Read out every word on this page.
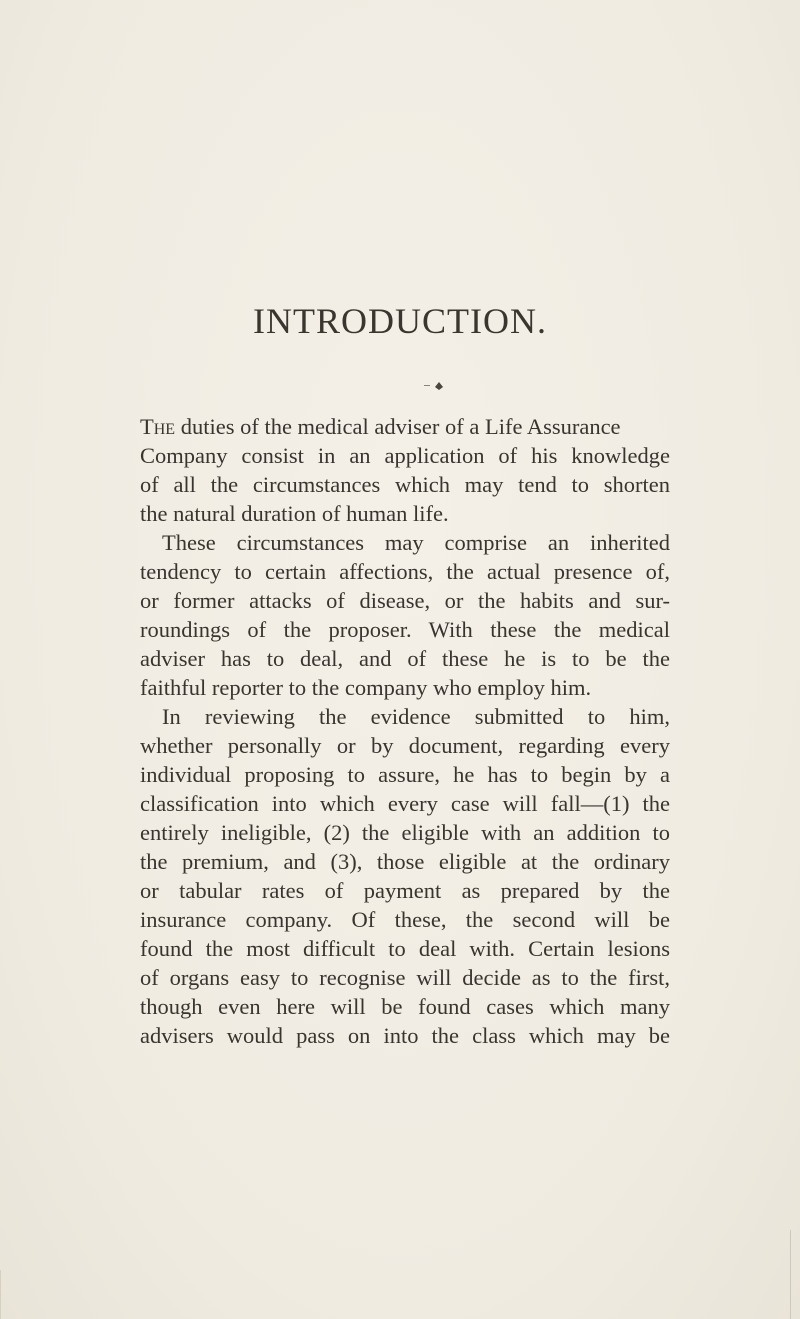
INTRODUCTION.
The duties of the medical adviser of a Life Assurance
Company consist in an application of his knowledge
of all the circumstances which may tend to shorten
the natural duration of human life.
These circumstances may comprise an inherited
tendency to certain affections, the actual presence of,
or former attacks of disease, or the habits and sur-
roundings of the proposer. With these the medical
adviser has to deal, and of these he is to be the
faithful reporter to the company who employ him.
In reviewing the evidence submitted to him,
whether personally or by document, regarding every
individual proposing to assure, he has to begin by a
classification into which every case will fall—(1) the
entirely ineligible, (2) the eligible with an addition to
the premium, and (3), those eligible at the ordinary
or tabular rates of payment as prepared by the
insurance company. Of these, the second will be
found the most difficult to deal with. Certain lesions
of organs easy to recognise will decide as to the first,
though even here will be found cases which many
advisers would pass on into the class which may be
